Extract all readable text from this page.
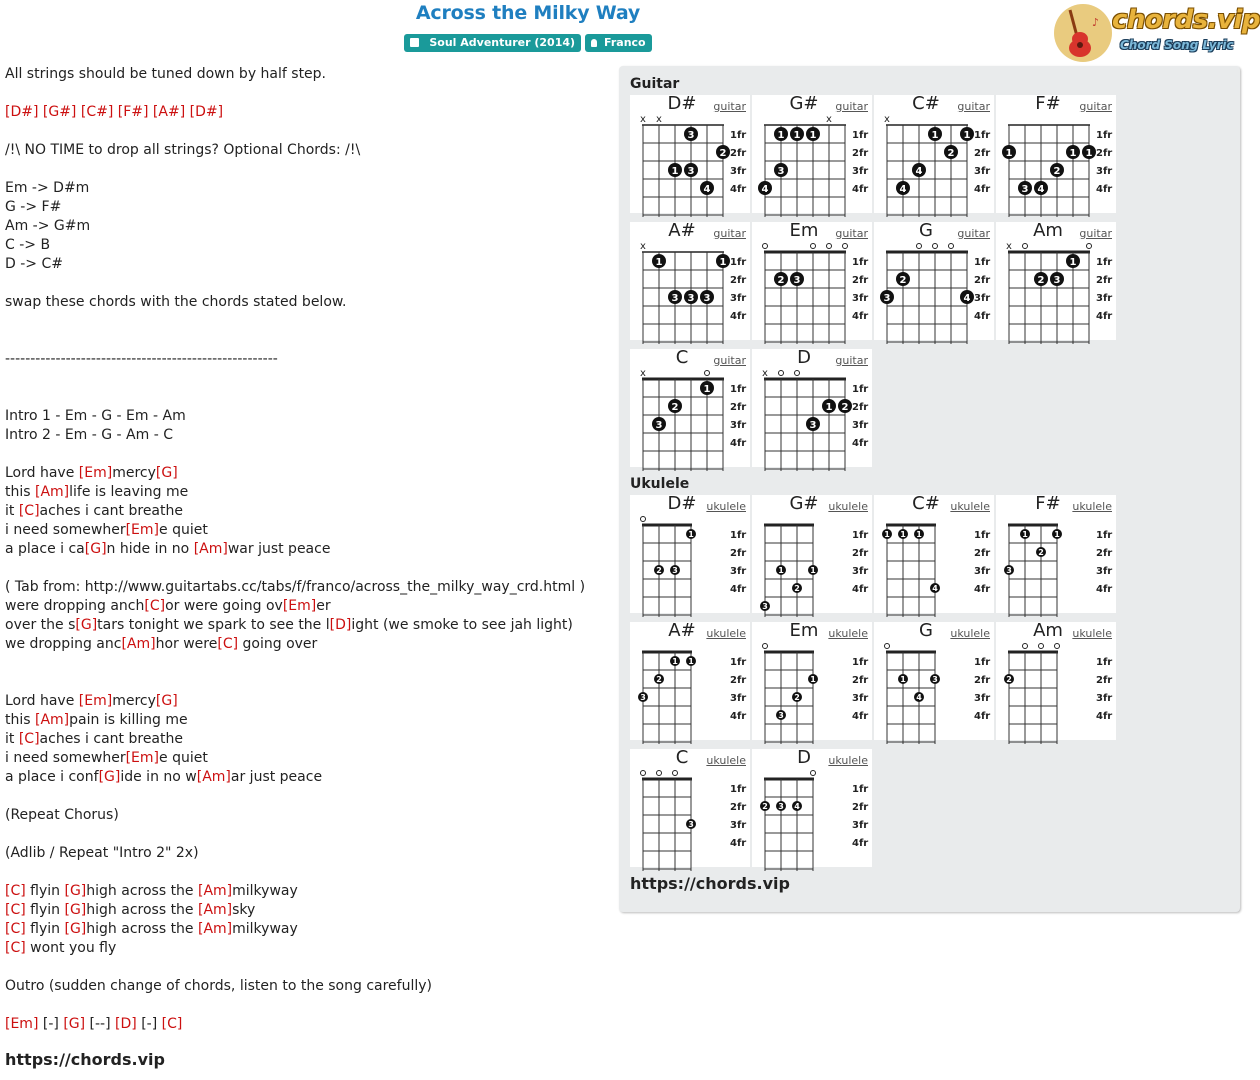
Across the Milky Way
Soul Adventurer (2014)	Franco
♪ chords.vip
Chord Song Lyric
All strings should be tuned down by half step.
[D#] [G#] [C#] [F#] [A#] [D#]
/!\ NO TIME to drop all strings? Optional Chords: /!\
Em -> D#m
G -> F#
Am -> G#m
C -> B
D -> C#
swap these chords with the chords stated below.
------------------------------------------------------
Intro 1 - Em - G - Em - Am
Intro 2 - Em - G - Am - C
Lord have [Em]mercy[G]
this [Am]life is leaving me
it [C]aches i cant breathe
i need somewher[Em]e quiet
a place i ca[G]n hide in no [Am]war just peace
( Tab from: http://www.guitartabs.cc/tabs/f/franco/across_the_milky_way_crd.html )
were dropping anch[C]or were going ov[Em]er
over the s[G]tars tonight we spark to see the l[D]ight (we smoke to see jah light)
we dropping anc[Am]hor were[C] going over
Lord have [Em]mercy[G]
this [Am]pain is killing me
it [C]aches i cant breathe
i need somewher[Em]e quiet
a place i conf[G]ide in no w[Am]ar just peace
(Repeat Chorus)
(Adlib / Repeat "Intro 2" 2x)
[C] flyin [G]high across the [Am]milkyway
[C] flyin [G]high across the [Am]sky
[C] flyin [G]high across the [Am]milkyway
[C] wont you fly
Outro (sudden change of chords, listen to the song carefully)
[Em] [-] [G] [--] [D] [-] [C]
https://chords.vip
Guitar
Ukulele
https://chords.vip
1fr
2fr
3fr
4fr
x x
4
1 3
2
3
D#	guitar
1fr
2fr
3fr
4fr
x
1 1 1
3
4
G#	guitar
1fr
2fr
3fr
4fr
x
1	1
2
4
4
C#	guitar
1fr
2fr
3fr
4fr
1	1 1
2
3 4
F#	guitar
1fr
2fr
3fr
4fr
x
1	1
3 3 3
A#	guitar
1fr
2fr
3fr
4fr
2 3
Em	guitar
1fr
2fr
3fr
4fr
2
3	4
G	guitar
1fr
2fr
3fr
4fr
x
1
2 3
Am	guitar
1fr
2fr
3fr
4fr
x
1
2
3
C	guitar
1fr
2fr
3fr
4fr
x
1 2
3
D	guitar
1fr
2fr
3fr
4fr
1
2 3
D# ukulele
1fr
2fr
3fr
4fr
1	1
2
3
G# ukulele
1fr
2fr
3fr
4fr
1 1 1
4
C# ukulele
1fr
2fr
3fr
4fr
1	1
2
3
F#	ukulele
1fr
2fr
3fr
4fr
1 1
2
3
A# ukulele
1fr
2fr
3fr
4fr
1
2
3
Em ukulele
1fr
2fr
3fr
4fr
1	3
4
G	ukulele
1fr
2fr
3fr
4fr
2
Am ukulele
1fr
2fr
3fr
4fr
3
C	ukulele
1fr
2fr
3fr
4fr
2 3 4
D	ukulele
